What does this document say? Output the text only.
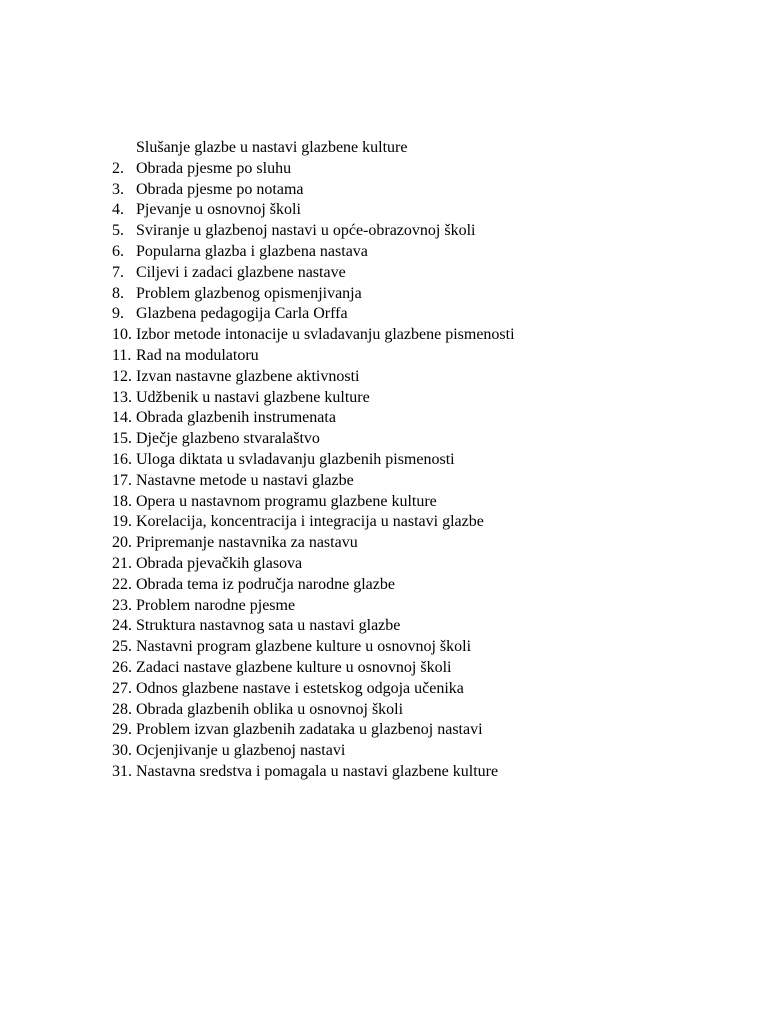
Slušanje glazbe u nastavi glazbene kulture
2. Obrada pjesme po sluhu
3. Obrada pjesme po notama
4. Pjevanje u osnovnoj školi
5. Sviranje u glazbenoj nastavi u opće-obrazovnoj školi
6. Popularna glazba i glazbena nastava
7. Ciljevi i zadaci glazbene nastave
8. Problem glazbenog opismenjivanja
9. Glazbena pedagogija Carla Orffa
10. Izbor metode intonacije u svladavanju glazbene pismenosti
11. Rad na modulatoru
12. Izvan nastavne glazbene aktivnosti
13. Udžbenik u nastavi glazbene kulture
14. Obrada glazbenih instrumenata
15. Dječje glazbeno stvaralaštvo
16. Uloga diktata u svladavanju glazbenih pismenosti
17. Nastavne metode u nastavi glazbe
18. Opera u nastavnom programu glazbene kulture
19. Korelacija, koncentracija i integracija u nastavi glazbe
20. Pripremanje nastavnika za nastavu
21. Obrada pjevačkih glasova
22. Obrada tema iz područja narodne glazbe
23. Problem narodne pjesme
24. Struktura nastavnog sata u nastavi glazbe
25. Nastavni program glazbene kulture u osnovnoj školi
26. Zadaci nastave glazbene kulture u osnovnoj školi
27. Odnos glazbene nastave i estetskog odgoja učenika
28. Obrada glazbenih oblika u osnovnoj školi
29. Problem izvan glazbenih zadataka u glazbenoj nastavi
30. Ocjenjivanje u glazbenoj nastavi
31. Nastavna sredstva i pomagala u nastavi glazbene kulture
